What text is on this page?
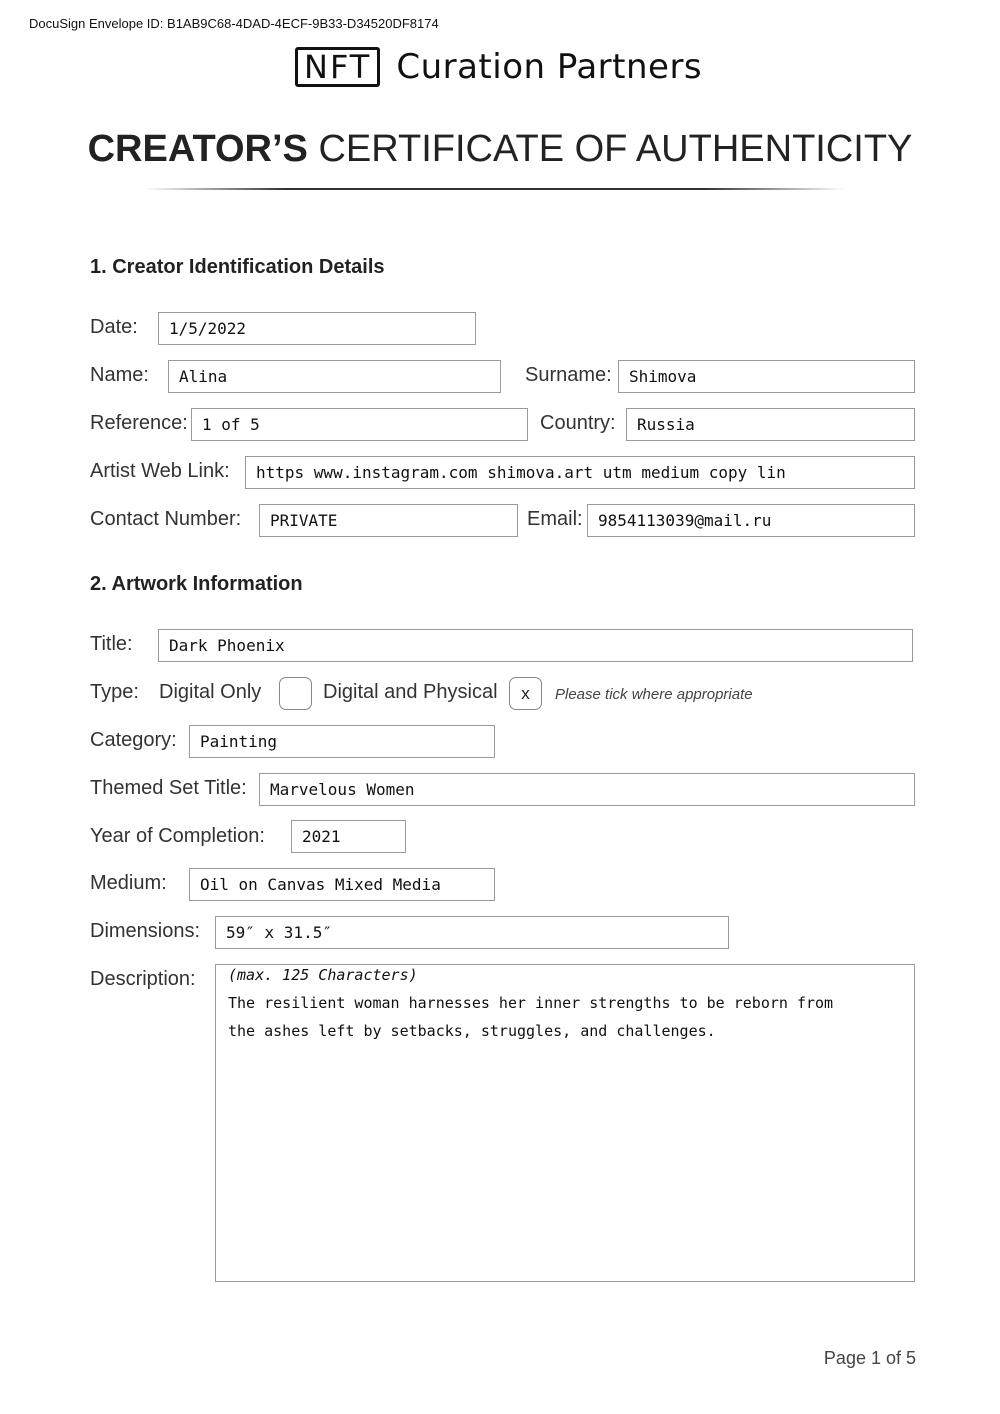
DocuSign Envelope ID: B1AB9C68-4DAD-4ECF-9B33-D34520DF8174
NFT Curation Partners
CREATOR’S CERTIFICATE OF AUTHENTICITY
1. Creator Identification Details
Date:	1/5/2022
Name:	Alina	Surname:	Shimova
Reference: 1 of 5	Country:	Russia
Artist Web Link:	https www.instagram.com shimova.art utm medium copy lin
Contact Number:	PRIVATE	Email: 9854113039@mail.ru
2. Artwork Information
Title:	Dark Phoenix
Type: Digital Only	Digital and Physical	x	Please tick where appropriate
Category:	Painting
Themed Set Title:	Marvelous Women
Year of Completion:	2021
Medium:	Oil on Canvas Mixed Media
Dimensions:	59″ x 31.5″
Description: (max. 125 Characters)
The resilient woman harnesses her inner strengths to be reborn from the ashes left by setbacks, struggles, and challenges.
Page 1 of 5
